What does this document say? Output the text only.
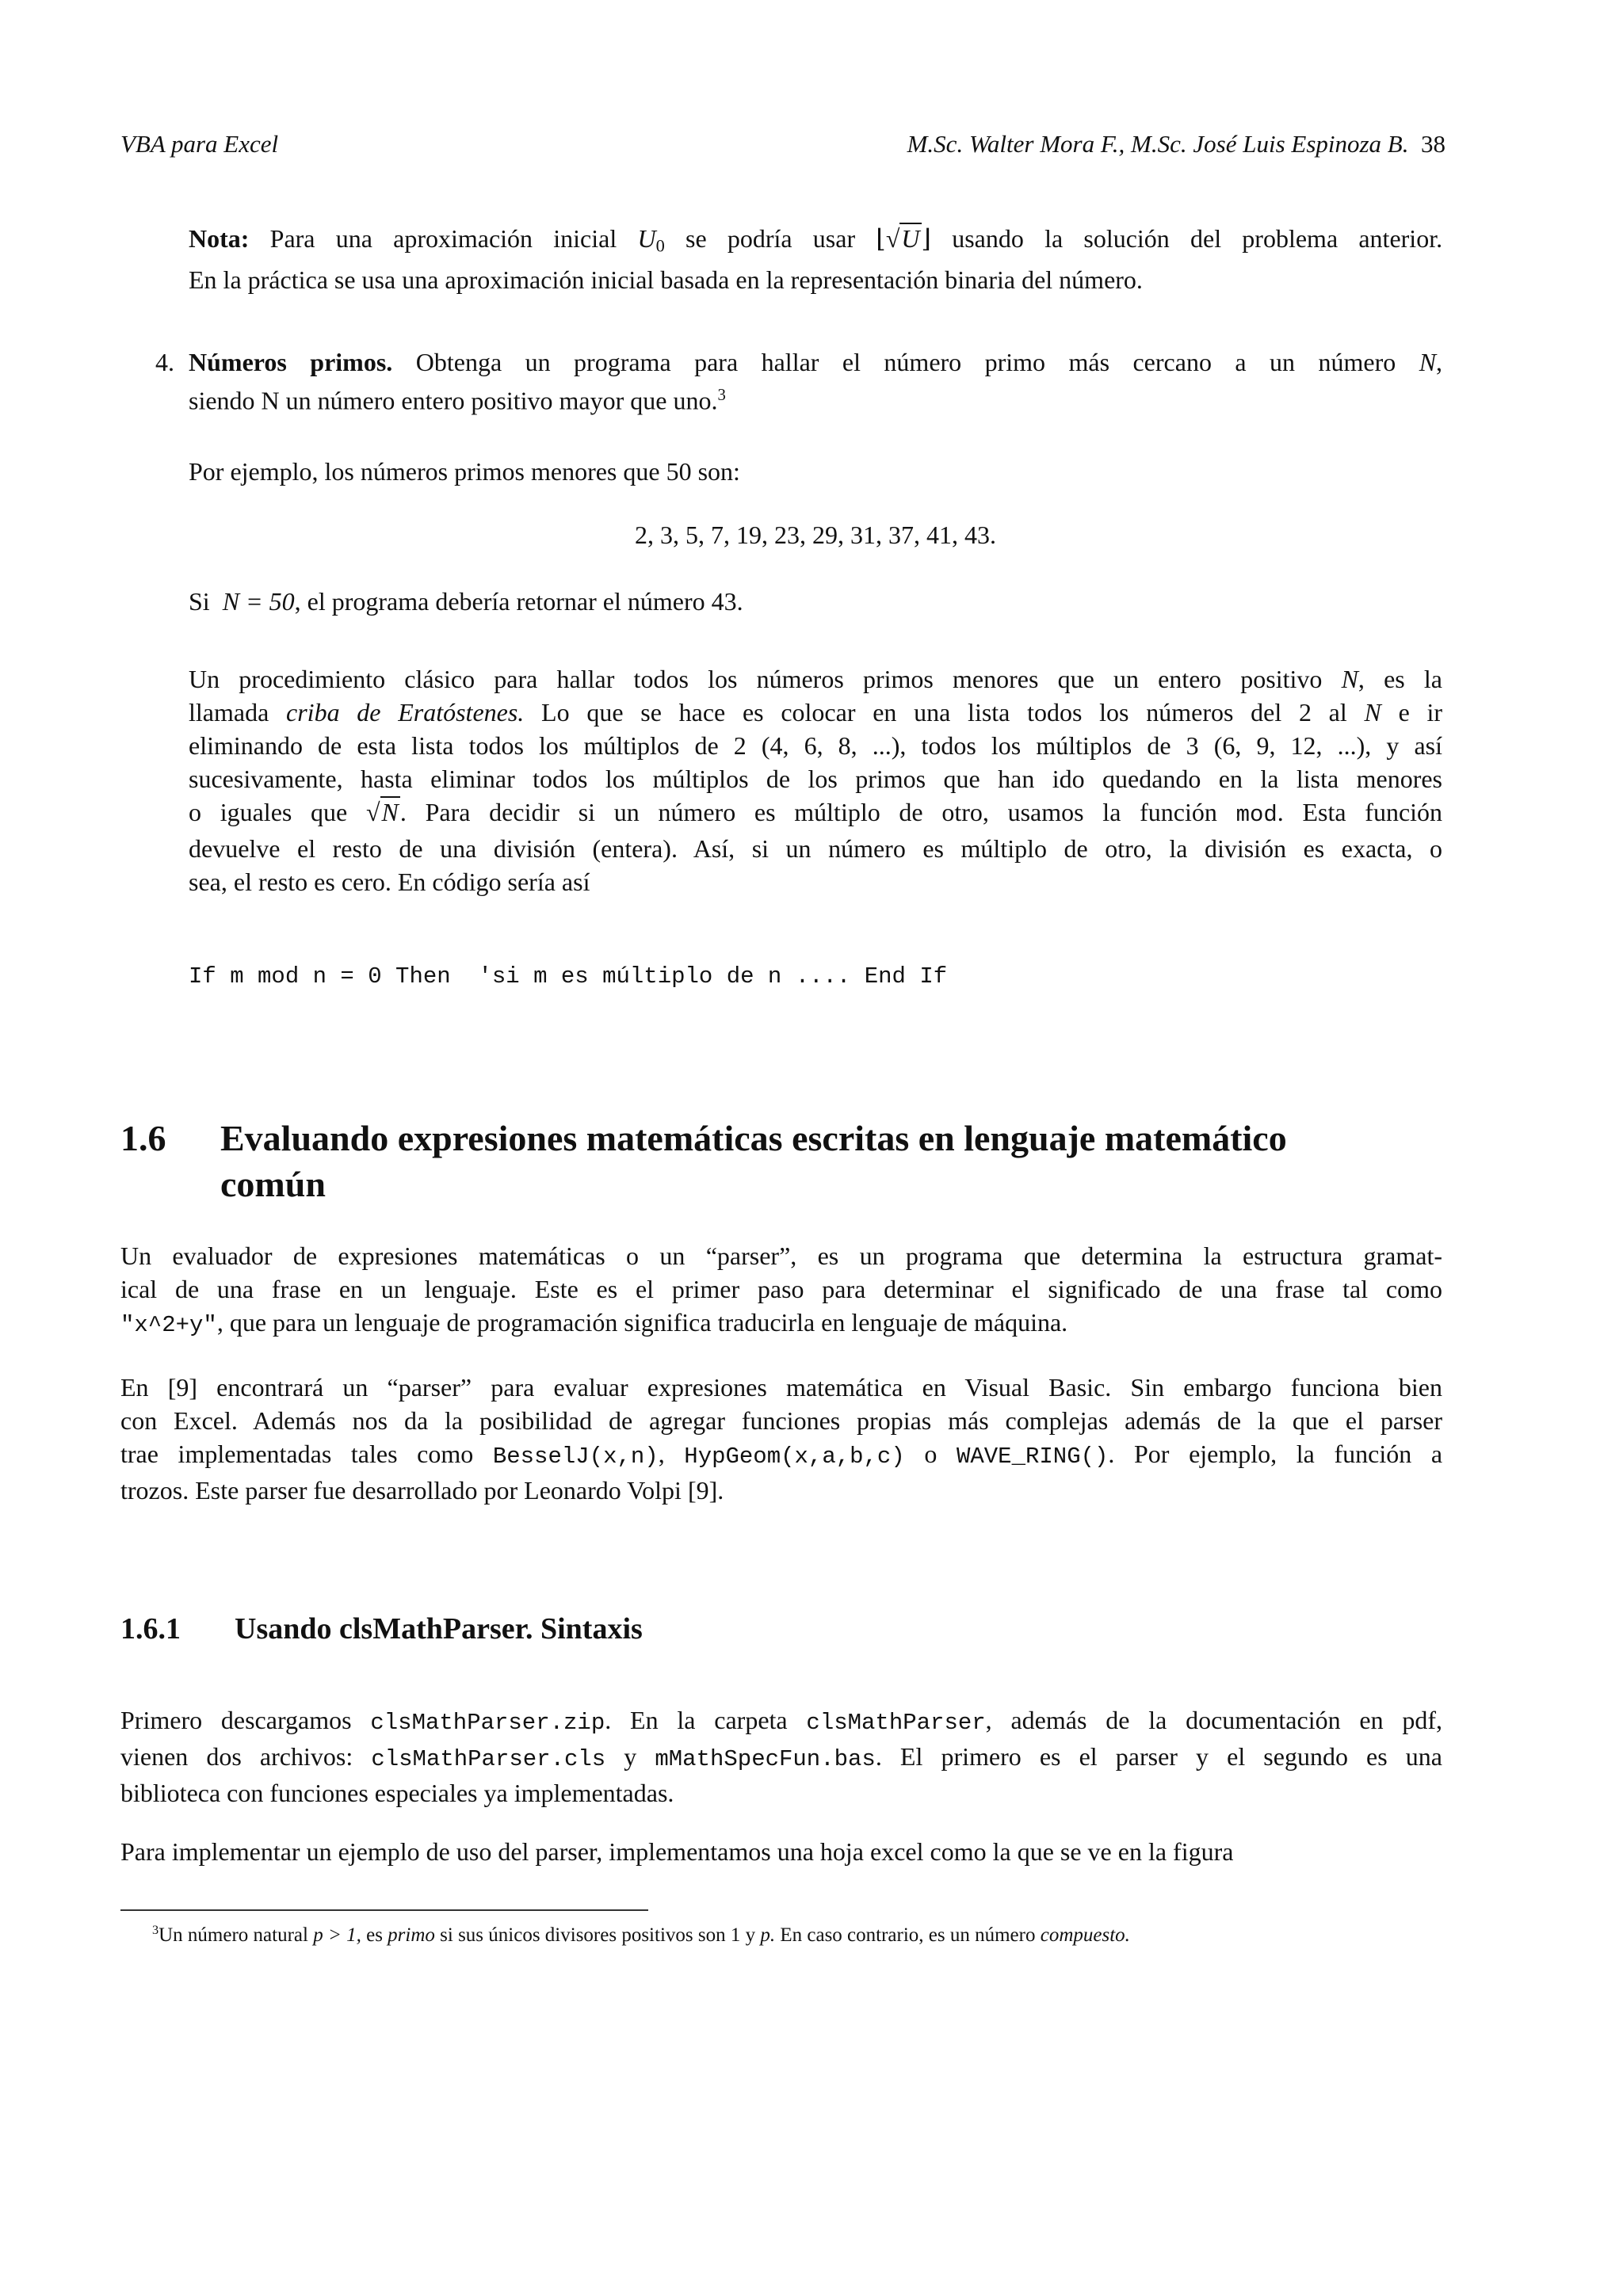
VBA para Excel	M.Sc. Walter Mora F., M.Sc. José Luis Espinoza B. 38
Nota: Para una aproximación inicial $U_0$ se podría usar ⌊√U⌋ usando la solución del problema anterior.
En la práctica se usa una aproximación inicial basada en la representación binaria del número.
4. Números primos. Obtenga un programa para hallar el número primo más cercano a un número N,
siendo N un número entero positivo mayor que uno.$^3$
Por ejemplo, los números primos menores que 50 son:
2, 3, 5, 7, 19, 23, 29, 31, 37, 41, 43.
Si N = 50, el programa debería retornar el número 43.
Un procedimiento clásico para hallar todos los números primos menores que un entero positivo N, es la
llamada criba de Eratóstenes. Lo que se hace es colocar en una lista todos los números del 2 al N e ir
eliminando de esta lista todos los múltiplos de 2 (4, 6, 8, ...), todos los múltiplos de 3 (6, 9, 12, ...), y así
sucesivamente, hasta eliminar todos los múltiplos de los primos que han ido quedando en la lista menores
o iguales que √N. Para decidir si un número es múltiplo de otro, usamos la función mod. Esta función
devuelve el resto de una división (entera). Así, si un número es múltiplo de otro, la división es exacta, o
sea, el resto es cero. En código sería así
If m mod n = 0 Then  'si m es múltiplo de n .... End If
1.6 Evaluando expresiones matemáticas escritas en lenguaje matemático
común
Un evaluador de expresiones matemáticas o un “parser”, es un programa que determina la estructura gramat-
ical de una frase en un lenguaje. Este es el primer paso para determinar el significado de una frase tal como
"x^2+y", que para un lenguaje de programación significa traducirla en lenguaje de máquina.
En [9] encontrará un “parser” para evaluar expresiones matemática en Visual Basic. Sin embargo funciona bien
con Excel. Además nos da la posibilidad de agregar funciones propias más complejas además de la que el parser
trae implementadas tales como BesselJ(x,n), HypGeom(x,a,b,c) o WAVE_RING(). Por ejemplo, la función a
trozos. Este parser fue desarrollado por Leonardo Volpi [9].
1.6.1 Usando clsMathParser. Sintaxis
Primero descargamos clsMathParser.zip. En la carpeta clsMathParser, además de la documentación en pdf,
vienen dos archivos: clsMathParser.cls y mMathSpecFun.bas. El primero es el parser y el segundo es una
biblioteca con funciones especiales ya implementadas.
Para implementar un ejemplo de uso del parser, implementamos una hoja excel como la que se ve en la figura
$^3$Un número natural p > 1, es primo si sus únicos divisores positivos son 1 y p. En caso contrario, es un número compuesto.
